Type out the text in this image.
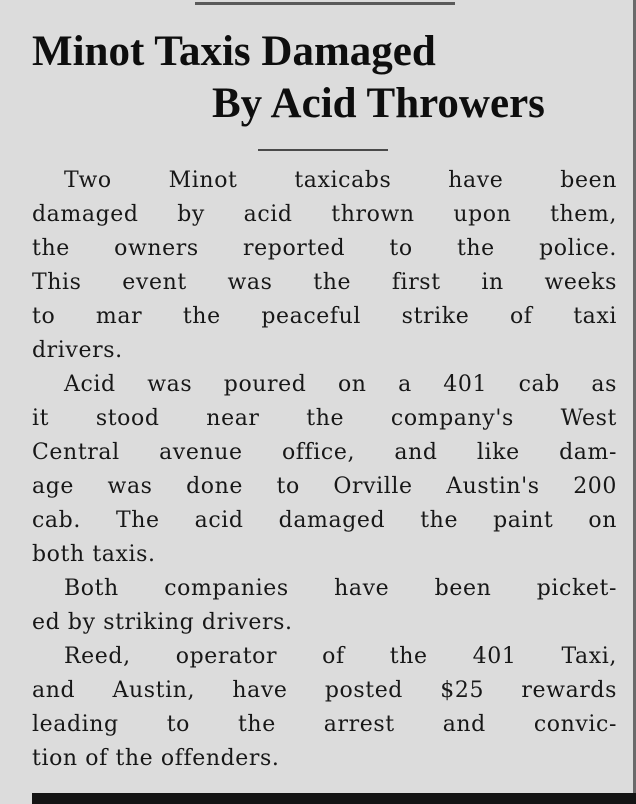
Minot Taxis Damaged
By Acid Throwers
Two Minot taxicabs have been
damaged by acid thrown upon them,
the owners reported to the police.
This event was the first in weeks
to mar the peaceful strike of taxi
drivers.
Acid was poured on a 401 cab as
it stood near the company's West
Central avenue office, and like dam-
age was done to Orville Austin's 200
cab. The acid damaged the paint on
both taxis.
Both companies have been picket-
ed by striking drivers.
Reed, operator of the 401 Taxi,
and Austin, have posted $25 rewards
leading to the arrest and convic-
tion of the offenders.
